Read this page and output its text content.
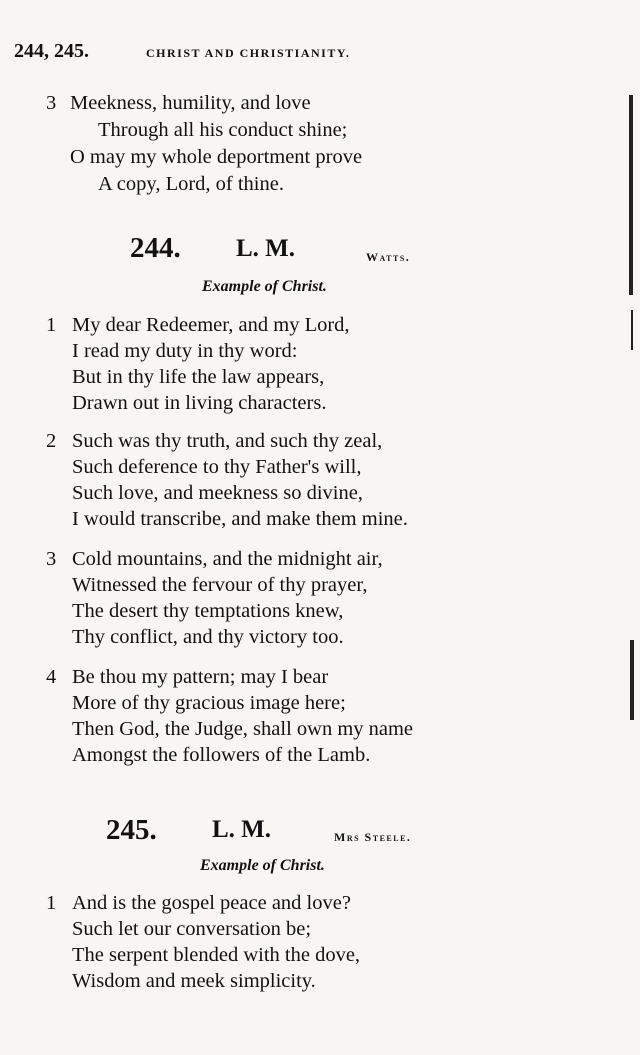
244, 245.	CHRIST AND CHRISTIANITY.
3 Meekness, humility, and love
Through all his conduct shine;
O may my whole deportment prove
A copy, Lord, of thine.
244. L. M.	Watts.
Example of Christ.
1 My dear Redeemer, and my Lord,
I read my duty in thy word:
But in thy life the law appears,
Drawn out in living characters.
2 Such was thy truth, and such thy zeal,
Such deference to thy Father's will,
Such love, and meekness so divine,
I would transcribe, and make them mine.
3 Cold mountains, and the midnight air,
Witnessed the fervour of thy prayer,
The desert thy temptations knew,
Thy conflict, and thy victory too.
4 Be thou my pattern; may I bear
More of thy gracious image here;
Then God, the Judge, shall own my name
Amongst the followers of the Lamb.
245. L. M.	Mrs Steele.
Example of Christ.
1 And is the gospel peace and love?
Such let our conversation be;
The serpent blended with the dove,
Wisdom and meek simplicity.
